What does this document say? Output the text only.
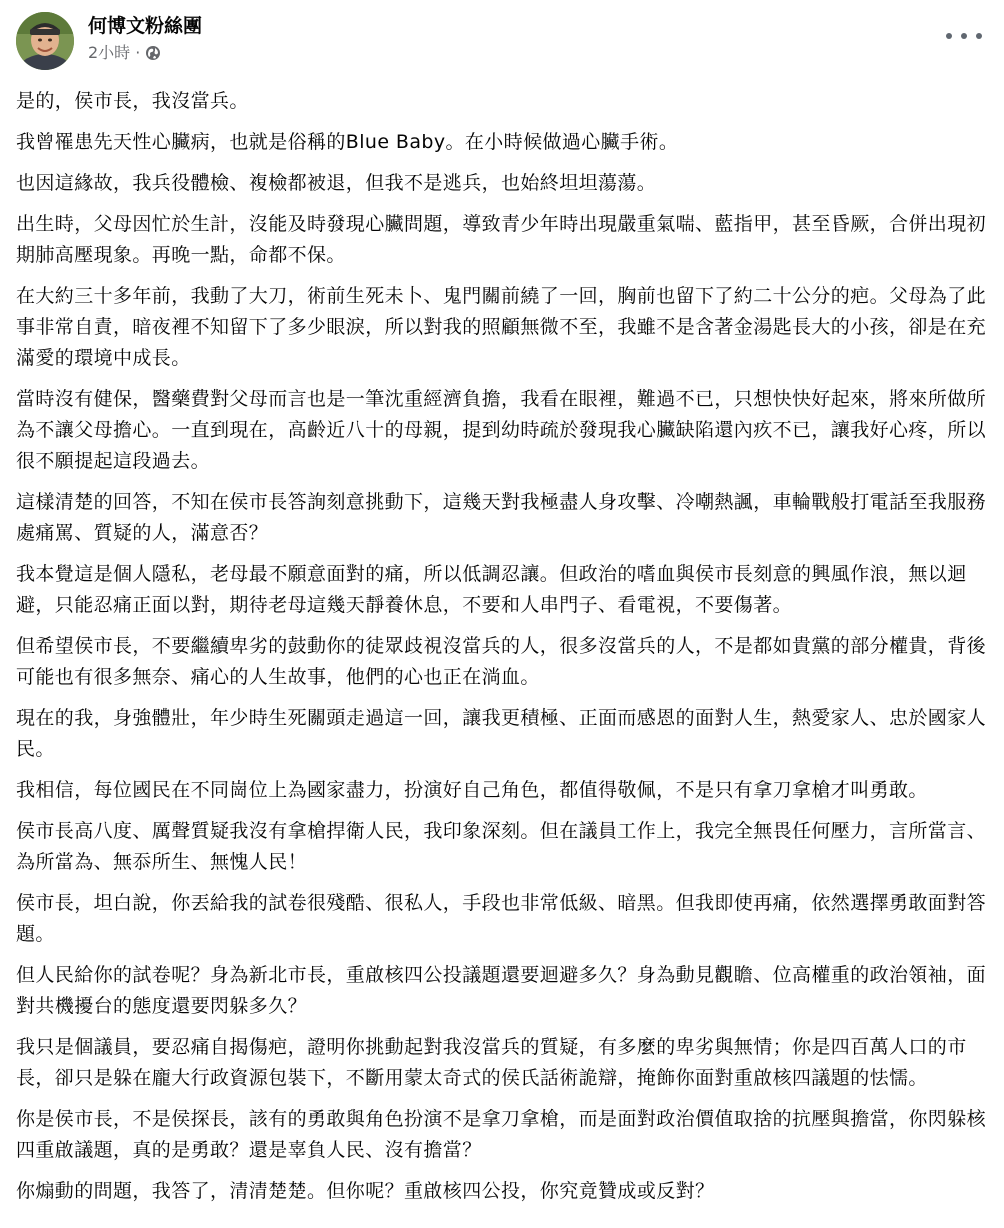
何博文粉絲團
2小時 ·

是的，侯市長，我沒當兵。

我曾罹患先天性心臟病，也就是俗稱的Blue Baby。在小時候做過心臟手術。

也因這緣故，我兵役體檢、複檢都被退，但我不是逃兵，也始終坦坦蕩蕩。

出生時，父母因忙於生計，沒能及時發現心臟問題，導致青少年時出現嚴重氣喘、藍指甲，甚至昏厥，合併出現初期肺高壓現象。再晚一點，命都不保。

在大約三十多年前，我動了大刀，術前生死未卜、鬼門關前繞了一回，胸前也留下了約二十公分的疤。父母為了此事非常自責，暗夜裡不知留下了多少眼淚，所以對我的照顧無微不至，我雖不是含著金湯匙長大的小孩，卻是在充滿愛的環境中成長。

當時沒有健保，醫藥費對父母而言也是一筆沈重經濟負擔，我看在眼裡，難過不已，只想快快好起來，將來所做所為不讓父母擔心。一直到現在，高齡近八十的母親，提到幼時疏於發現我心臟缺陷還內疚不已，讓我好心疼，所以很不願提起這段過去。

這樣清楚的回答，不知在侯市長答詢刻意挑動下，這幾天對我極盡人身攻擊、冷嘲熱諷，車輪戰般打電話至我服務處痛罵、質疑的人，滿意否？

我本覺這是個人隱私，老母最不願意面對的痛，所以低調忍讓。但政治的嗜血與侯市長刻意的興風作浪，無以迴避，只能忍痛正面以對，期待老母這幾天靜養休息，不要和人串門子、看電視，不要傷著。

但希望侯市長，不要繼續卑劣的鼓動你的徒眾歧視沒當兵的人，很多沒當兵的人，不是都如貴黨的部分權貴，背後可能也有很多無奈、痛心的人生故事，他們的心也正在淌血。

現在的我，身強體壯，年少時生死關頭走過這一回，讓我更積極、正面而感恩的面對人生，熱愛家人、忠於國家人民。

我相信，每位國民在不同崗位上為國家盡力，扮演好自己角色，都值得敬佩，不是只有拿刀拿槍才叫勇敢。

侯市長高八度、厲聲質疑我沒有拿槍捍衛人民，我印象深刻。但在議員工作上，我完全無畏任何壓力，言所當言、為所當為、無忝所生、無愧人民！

侯市長，坦白說，你丟給我的試卷很殘酷、很私人，手段也非常低級、暗黑。但我即使再痛，依然選擇勇敢面對答題。

但人民給你的試卷呢？身為新北市長，重啟核四公投議題還要迴避多久？身為動見觀瞻、位高權重的政治領袖，面對共機擾台的態度還要閃躲多久？

我只是個議員，要忍痛自揭傷疤，證明你挑動起對我沒當兵的質疑，有多麼的卑劣與無情；你是四百萬人口的市長，卻只是躲在龐大行政資源包裝下，不斷用蒙太奇式的侯氏話術詭辯，掩飾你面對重啟核四議題的怯懦。

你是侯市長，不是侯探長，該有的勇敢與角色扮演不是拿刀拿槍，而是面對政治價值取捨的抗壓與擔當，你閃躲核四重啟議題，真的是勇敢？還是辜負人民、沒有擔當？

你煽動的問題，我答了，清清楚楚。但你呢？重啟核四公投，你究竟贊成或反對？
